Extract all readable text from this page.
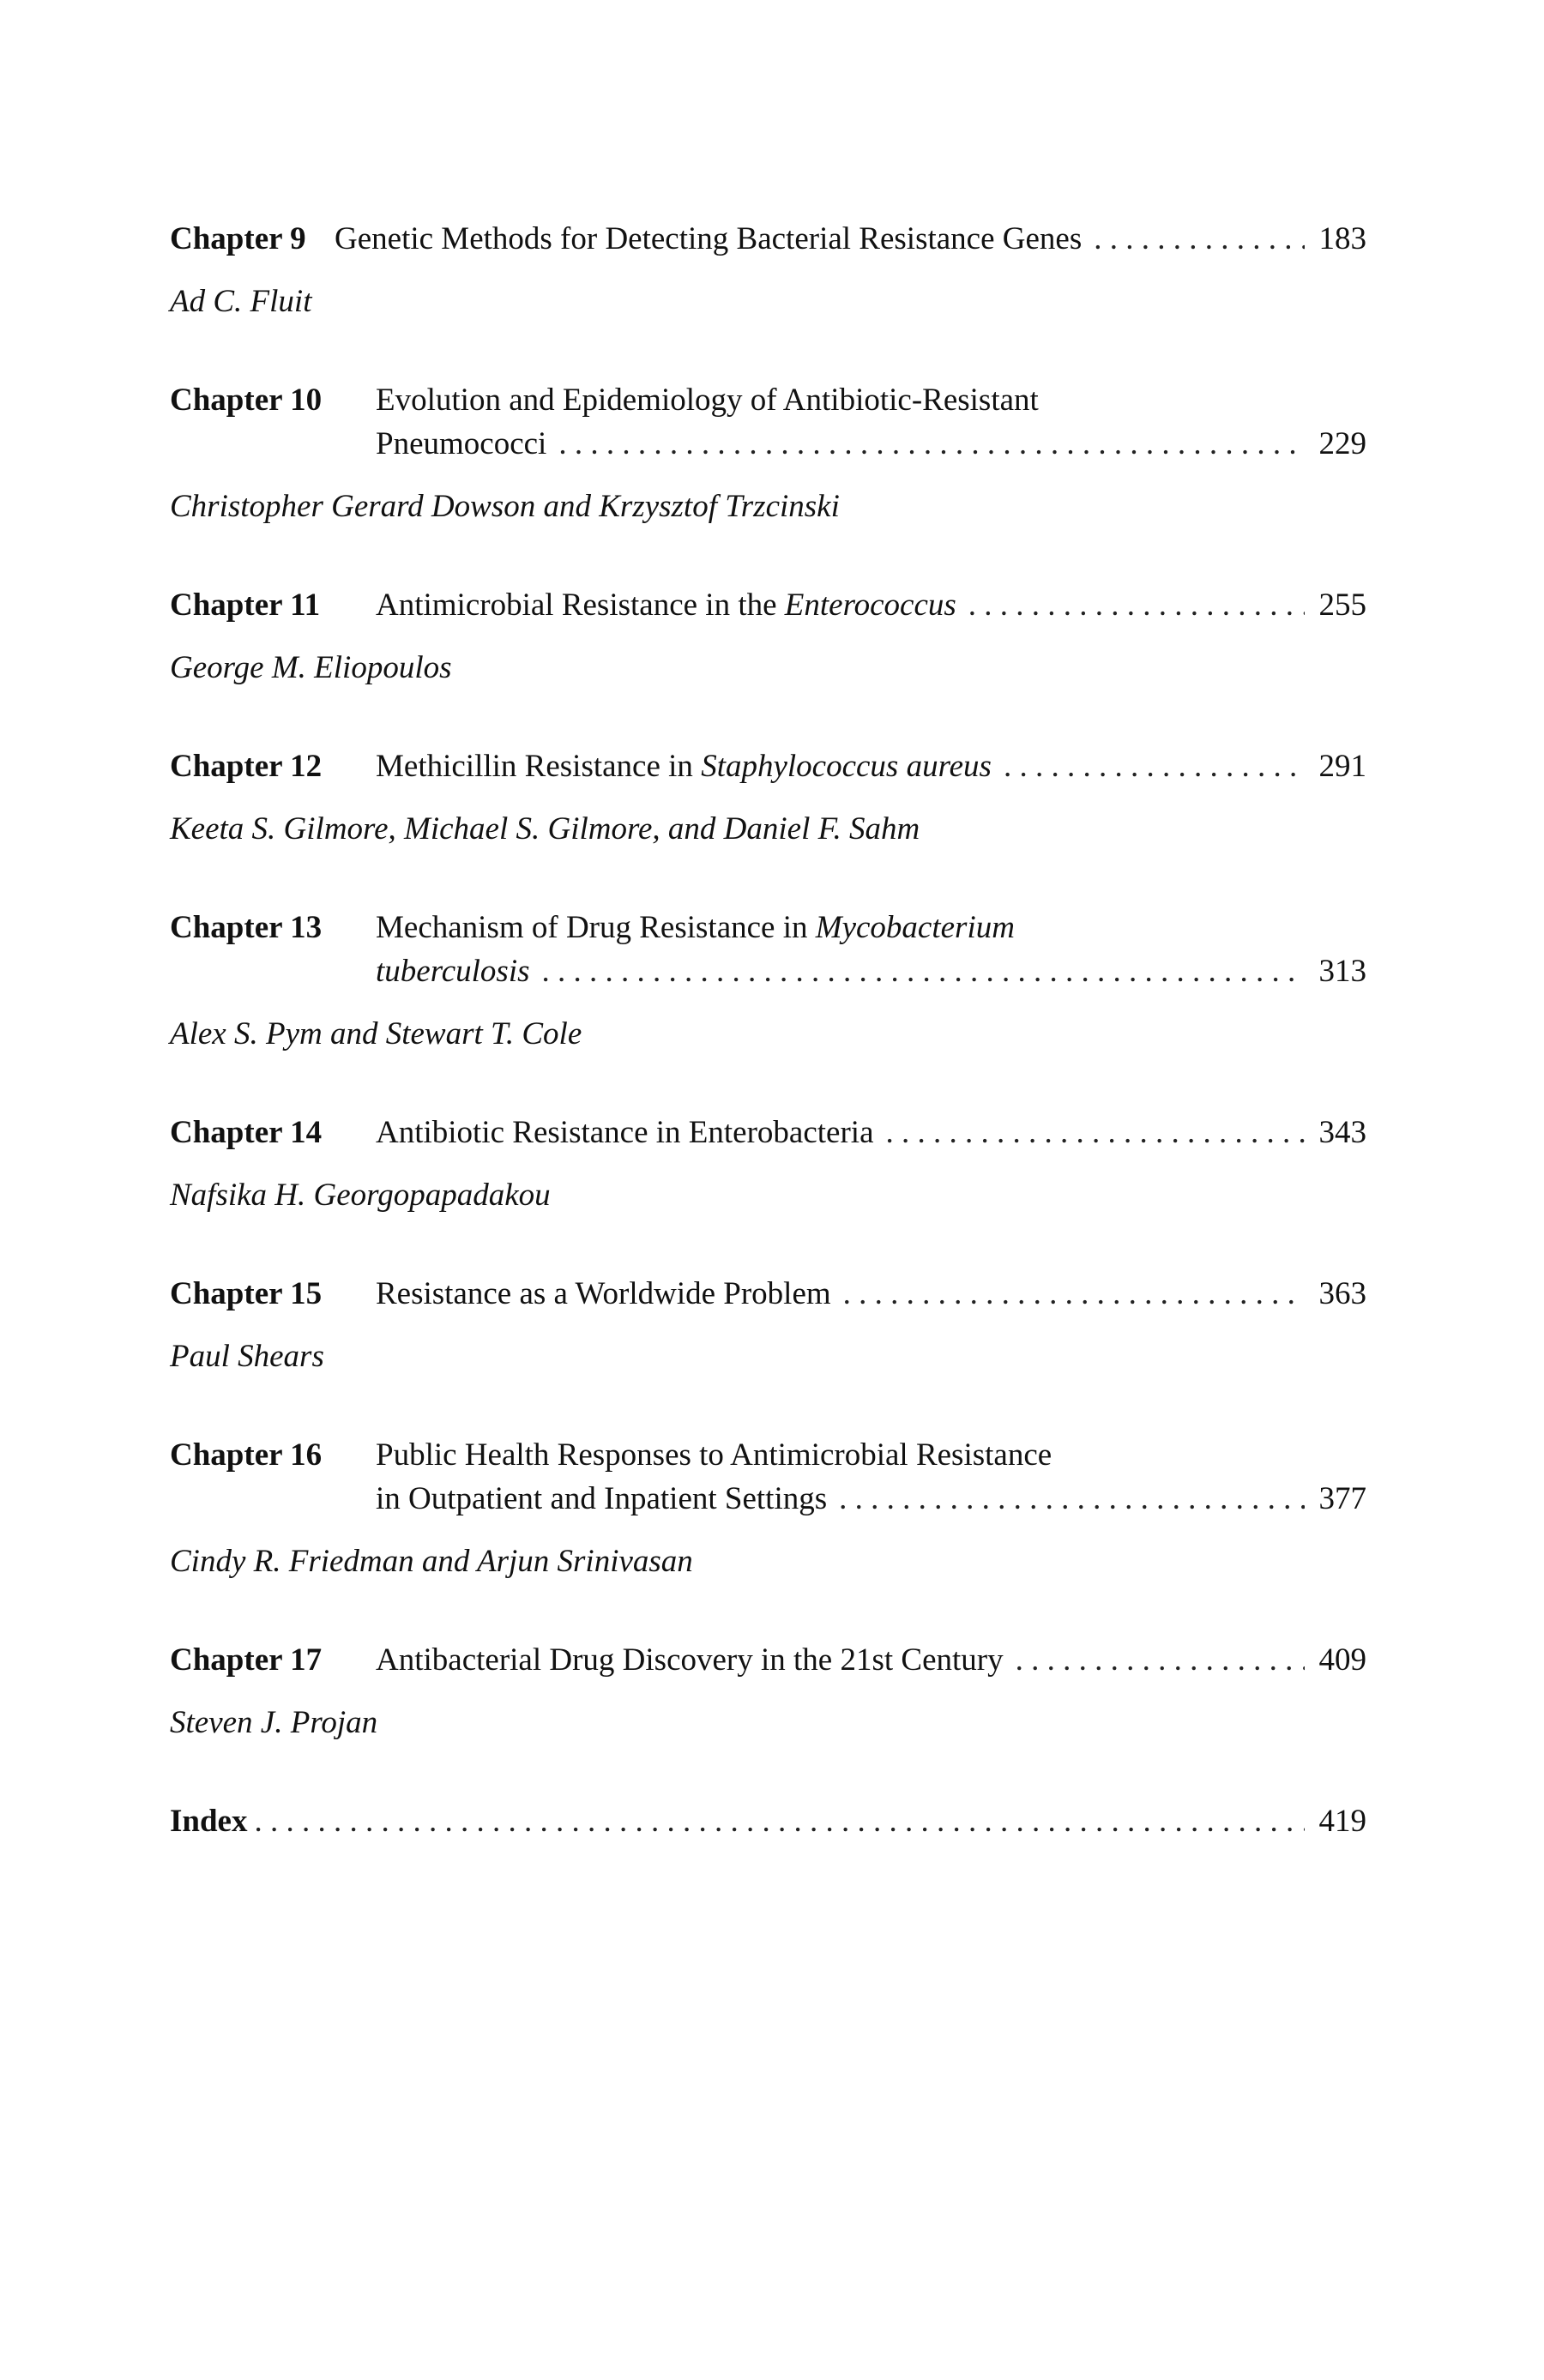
Chapter 9 Genetic Methods for Detecting Bacterial Resistance Genes . . .	183
Ad C. Fluit
Chapter 10	Evolution and Epidemiology of Antibiotic-Resistant
Pneumococci . . .	229
Christopher Gerard Dowson and Krzysztof Trzcinski
Chapter 11	Antimicrobial Resistance in the Enterococcus . . .	255
George M. Eliopoulos
Chapter 12	Methicillin Resistance in Staphylococcus aureus . . .	291
Keeta S. Gilmore, Michael S. Gilmore, and Daniel F. Sahm
Chapter 13	Mechanism of Drug Resistance in Mycobacterium
tuberculosis . . .	313
Alex S. Pym and Stewart T. Cole
Chapter 14	Antibiotic Resistance in Enterobacteria . . .	343
Nafsika H. Georgopapadakou
Chapter 15	Resistance as a Worldwide Problem . . .	363
Paul Shears
Chapter 16	Public Health Responses to Antimicrobial Resistance
in Outpatient and Inpatient Settings . . .	377
Cindy R. Friedman and Arjun Srinivasan
Chapter 17	Antibacterial Drug Discovery in the 21st Century . . .	409
Steven J. Projan
Index . . .	419
